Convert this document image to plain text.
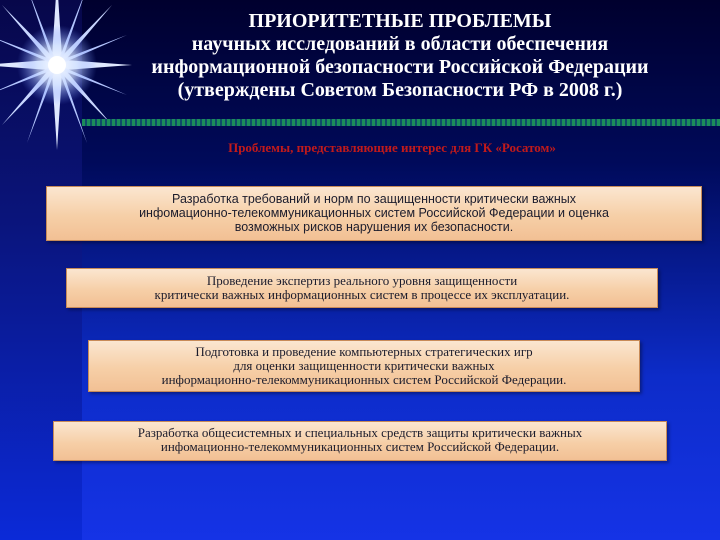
ПРИОРИТЕТНЫЕ ПРОБЛЕМЫ
научных исследований в области обеспечения
информационной безопасности Российской Федерации
(утверждены Советом Безопасности РФ в 2008 г.)
Проблемы, представляющие интерес для ГК «Росатом»
Разработка требований и норм по защищенности критически важных
инфомационно-телекоммуникационных систем Российской Федерации и оценка
возможных рисков нарушения их безопасности.
Проведение экспертиз реального уровня защищенности
критически важных информационных систем в процессе их эксплуатации.
Подготовка и проведение компьютерных стратегических игр
для оценки защищенности критически важных
информационно-телекоммуникационных систем Российской Федерации.
Разработка общесистемных и специальных средств защиты критически важных
инфомационно-телекоммуникационных систем Российской Федерации.
